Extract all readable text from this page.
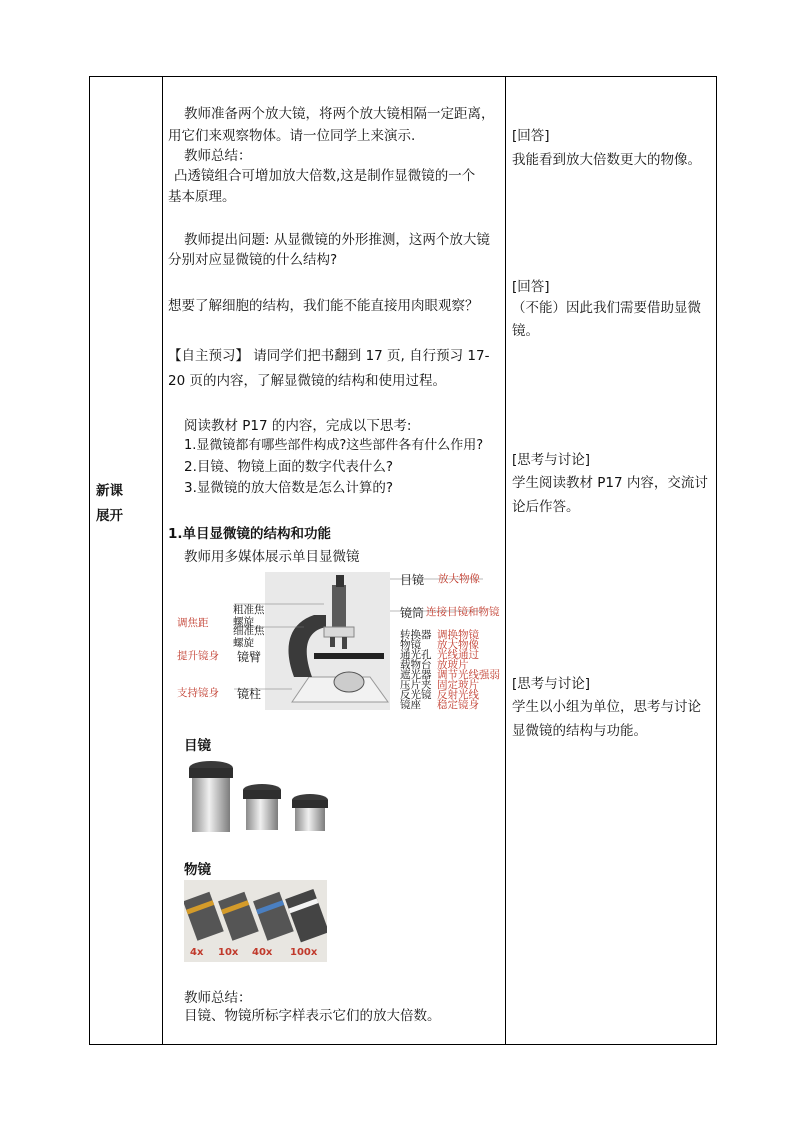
新课
展开
教师准备两个放大镜，将两个放大镜相隔一定距离，
用它们来观察物体。请一位同学上来演示.
教师总结：
凸透镜组合可增加放大倍数,这是制作显微镜的一个
基本原理。
教师提出问题: 从显微镜的外形推测，这两个放大镜
分别对应显微镜的什么结构?
想要了解细胞的结构，我们能不能直接用肉眼观察？
【自主预习】 请同学们把书翻到 17 页, 自行预习 17-
20 页的内容，了解显微镜的结构和使用过程。
阅读教材 P17 的内容，完成以下思考:
1.显微镜都有哪些部件构成?这些部件各有什么作用?
2.目镜、物镜上面的数字代表什么?
3.显微镜的放大倍数是怎么计算的?
1.单目显微镜的结构和功能
教师用多媒体展示单目显微镜
调焦距
粗准焦螺旋
细准焦螺旋
提升镜身 镜臂
支持镜身 镜柱
目镜 放大物像
镜筒 连接目镜和物镜
转换器 调换物镜
物镜 放大物像
通光孔 光线通过
载物台 放玻片
遮光器 调节光线强弱
压片夹 固定玻片
反光镜 反射光线
镜座 稳定镜身
目镜
物镜
4x 10x 40x 100x
教师总结：
目镜、物镜所标字样表示它们的放大倍数。
[回答]
我能看到放大倍数更大的物像。
[回答]
（不能）因此我们需要借助显微
镜。
[思考与讨论]
学生阅读教材 P17 内容，交流讨
论后作答。
[思考与讨论]
学生以小组为单位，思考与讨论
显微镜的结构与功能。
